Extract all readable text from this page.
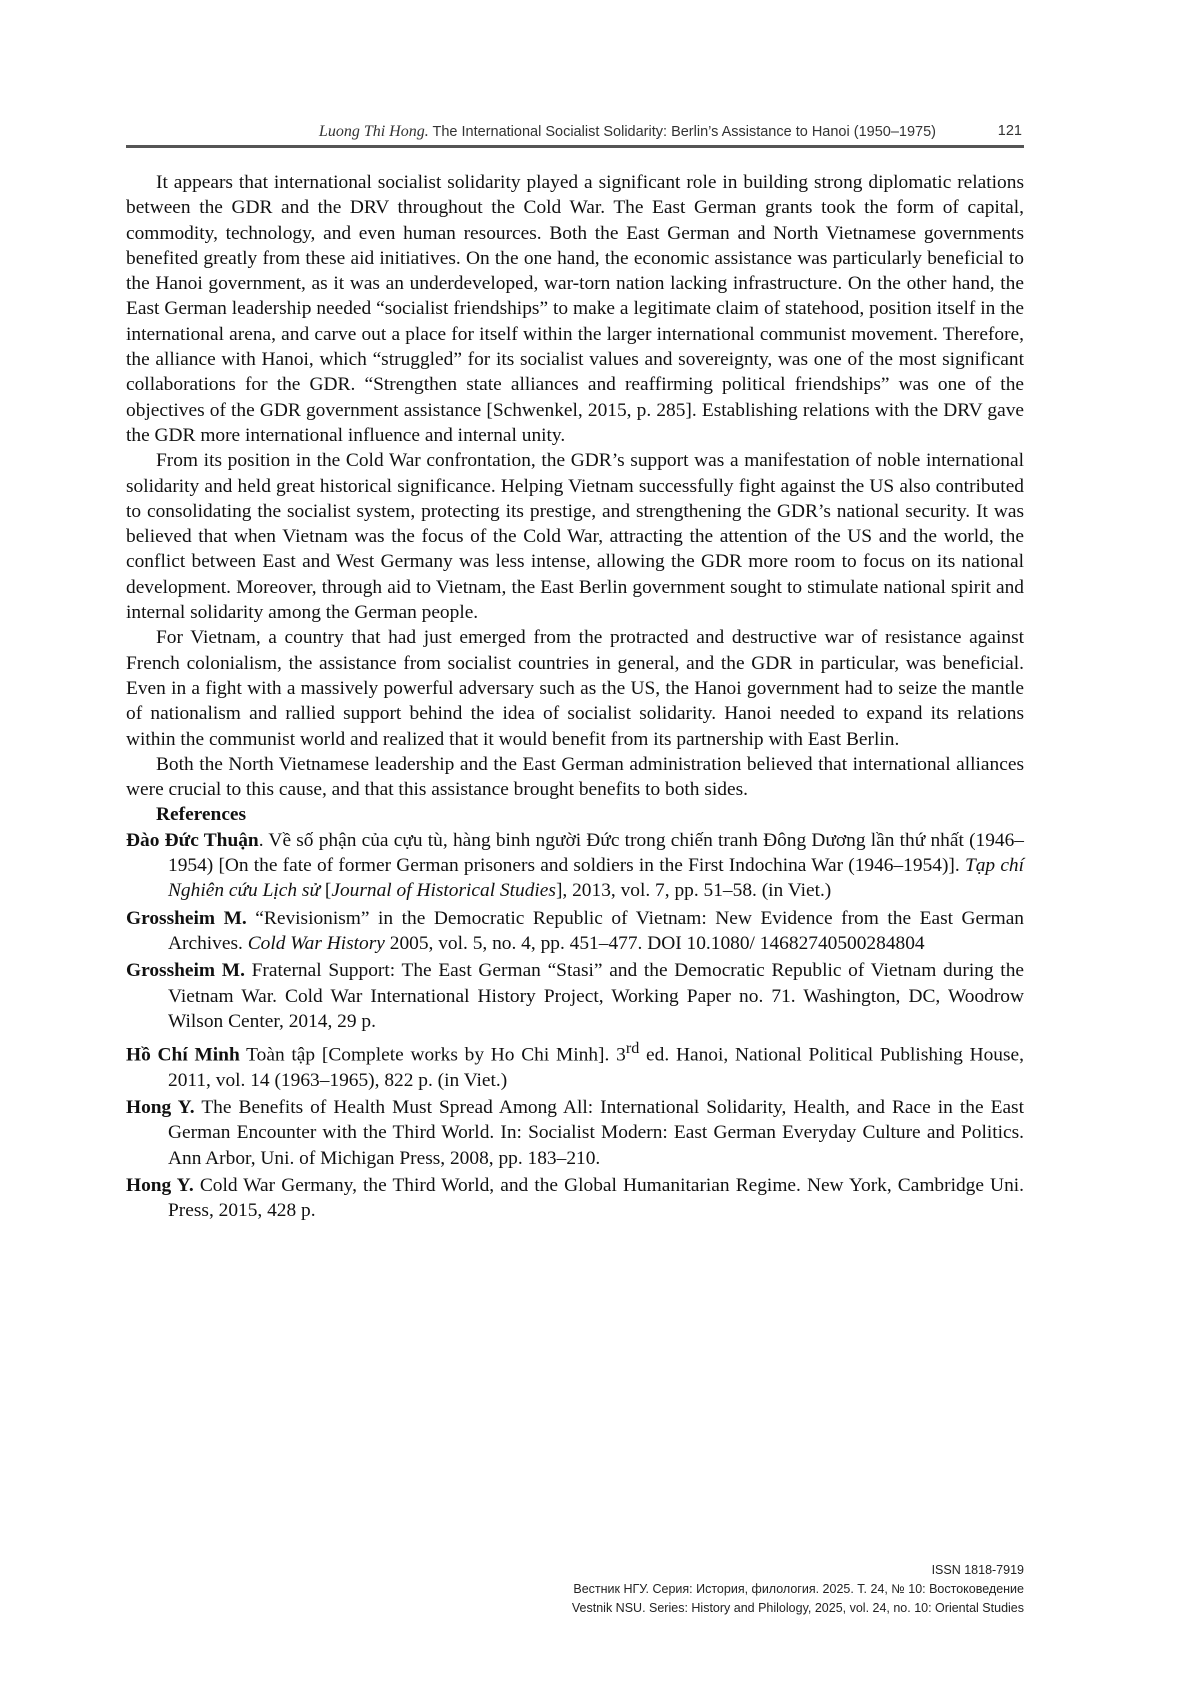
Luong Thi Hong. The International Socialist Solidarity: Berlin’s Assistance to Hanoi (1950–1975)	121

It appears that international socialist solidarity played a significant role in building strong diplomatic relations between the GDR and the DRV throughout the Cold War. The East German grants took the form of capital, commodity, technology, and even human resources. Both the East German and North Vietnamese governments benefited greatly from these aid initiatives. On the one hand, the economic assistance was particularly beneficial to the Hanoi government, as it was an underdeveloped, war-torn nation lacking infrastructure. On the other hand, the East German leadership needed “socialist friendships” to make a legitimate claim of statehood, position itself in the international arena, and carve out a place for itself within the larger international communist movement. Therefore, the alliance with Hanoi, which “struggled” for its socialist values and sovereignty, was one of the most significant collaborations for the GDR. “Strengthen state alliances and reaffirming political friendships” was one of the objectives of the GDR government assistance [Schwenkel, 2015, p. 285]. Establishing relations with the DRV gave the GDR more international influence and internal unity.

From its position in the Cold War confrontation, the GDR’s support was a manifestation of noble international solidarity and held great historical significance. Helping Vietnam successfully fight against the US also contributed to consolidating the socialist system, protecting its prestige, and strengthening the GDR’s national security. It was believed that when Vietnam was the focus of the Cold War, attracting the attention of the US and the world, the conflict between East and West Germany was less intense, allowing the GDR more room to focus on its national development. Moreover, through aid to Vietnam, the East Berlin government sought to stimulate national spirit and internal solidarity among the German people.

For Vietnam, a country that had just emerged from the protracted and destructive war of resistance against French colonialism, the assistance from socialist countries in general, and the GDR in particular, was beneficial. Even in a fight with a massively powerful adversary such as the US, the Hanoi government had to seize the mantle of nationalism and rallied support behind the idea of socialist solidarity. Hanoi needed to expand its relations within the communist world and realized that it would benefit from its partnership with East Berlin.

Both the North Vietnamese leadership and the East German administration believed that international alliances were crucial to this cause, and that this assistance brought benefits to both sides.

References

Đào Đức Thuận. Về số phận của cựu tù, hàng binh người Đức trong chiến tranh Đông Dương lần thứ nhất (1946–1954) [On the fate of former German prisoners and soldiers in the First Indochina War (1946–1954)]. Tạp chí Nghiên cứu Lịch sử [Journal of Historical Studies], 2013, vol. 7, pp. 51–58. (in Viet.)
Grossheim M. “Revisionism” in the Democratic Republic of Vietnam: New Evidence from the East German Archives. Cold War History 2005, vol. 5, no. 4, pp. 451–477. DOI 10.1080/ 14682740500284804
Grossheim M. Fraternal Support: The East German “Stasi” and the Democratic Republic of Vietnam during the Vietnam War. Cold War International History Project, Working Paper no. 71. Washington, DC, Woodrow Wilson Center, 2014, 29 p.
Hồ Chí Minh Toàn tập [Complete works by Ho Chi Minh]. 3rd ed. Hanoi, National Political Publishing House, 2011, vol. 14 (1963–1965), 822 p. (in Viet.)
Hong Y. The Benefits of Health Must Spread Among All: International Solidarity, Health, and Race in the East German Encounter with the Third World. In: Socialist Modern: East German Everyday Culture and Politics. Ann Arbor, Uni. of Michigan Press, 2008, pp. 183–210.
Hong Y. Cold War Germany, the Third World, and the Global Humanitarian Regime. New York, Cambridge Uni. Press, 2015, 428 p.
ISSN 1818-7919
Вестник НГУ. Серия: История, филология. 2025. Т. 24, № 10: Востоковедение
Vestnik NSU. Series: History and Philology, 2025, vol. 24, no. 10: Oriental Studies
